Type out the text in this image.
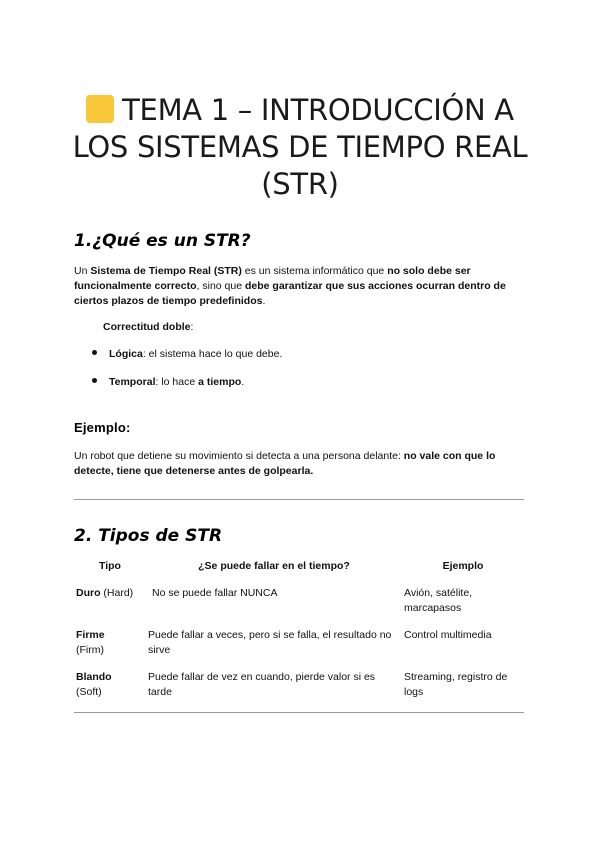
TEMA 1 – INTRODUCCIÓN A LOS SISTEMAS DE TIEMPO REAL (STR)
1.¿Qué es un STR?
Un Sistema de Tiempo Real (STR) es un sistema informático que no solo debe ser funcionalmente correcto, sino que debe garantizar que sus acciones ocurran dentro de ciertos plazos de tiempo predefinidos.
Correctitud doble:
Lógica: el sistema hace lo que debe.
Temporal: lo hace a tiempo.
Ejemplo:
Un robot que detiene su movimiento si detecta a una persona delante: no vale con que lo detecte, tiene que detenerse antes de golpearla.
2. Tipos de STR
Tipo	¿Se puede fallar en el tiempo?	Ejemplo
Duro (Hard)	No se puede fallar NUNCA	Avión, satélite, marcapasos
Firme
(Firm)	Puede fallar a veces, pero si se falla, el resultado no sirve	Control multimedia
Blando
(Soft)	Puede fallar de vez en cuando, pierde valor si es tarde	Streaming, registro de logs
